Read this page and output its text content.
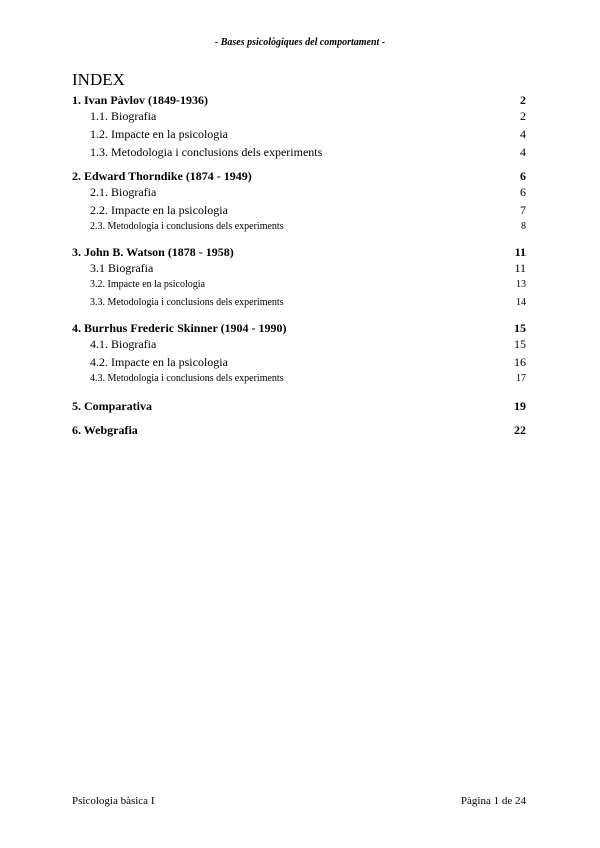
- Bases psicològiques del comportament -
INDEX
1. Ivan Pàvlov (1849-1936)	2
1.1. Biografia	2
1.2. Impacte en la psicologia	4
1.3. Metodologia i conclusions dels experiments	4
2. Edward Thorndike (1874 - 1949)	6
2.1. Biografia	6
2.2. Impacte en la psicologia	7
2.3. Metodologia i conclusions dels experiments	8
3. John B. Watson (1878 - 1958)	11
3.1 Biografia	11
3.2. Impacte en la psicologia	13
3.3. Metodologia i conclusions dels experiments	14
4. Burrhus Frederic Skinner (1904 - 1990)	15
4.1. Biografia	15
4.2. Impacte en la psicologia	16
4.3. Metodologia i conclusions dels experiments	17
5. Comparativa	19
6. Webgrafia	22
Psicologia bàsica I	Pàgina 1 de 24
